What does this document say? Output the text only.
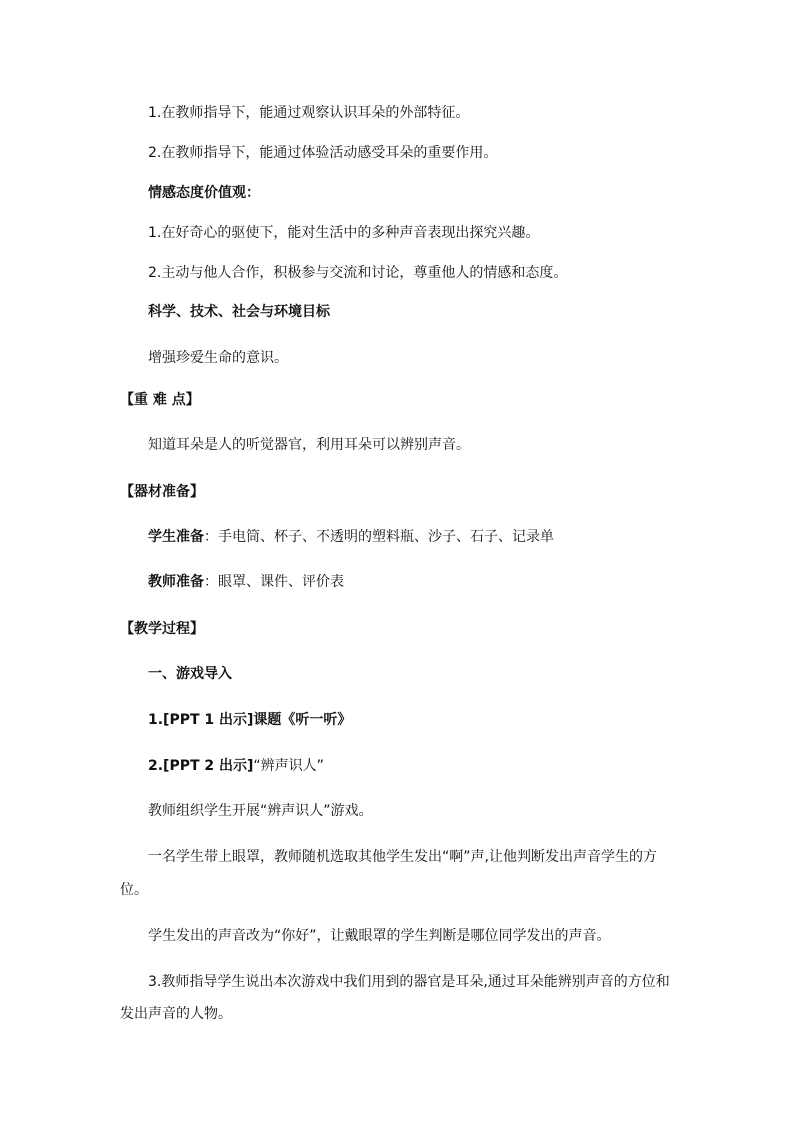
1.在教师指导下，能通过观察认识耳朵的外部特征。
2.在教师指导下，能通过体验活动感受耳朵的重要作用。
情感态度价值观：
1.在好奇心的驱使下，能对生活中的多种声音表现出探究兴趣。
2.主动与他人合作，积极参与交流和讨论，尊重他人的情感和态度。
科学、技术、社会与环境目标
增强珍爱生命的意识。
【重 难 点】
知道耳朵是人的听觉器官，利用耳朵可以辨别声音。
【器材准备】
学生准备：手电筒、杯子、不透明的塑料瓶、沙子、石子、记录单
教师准备：眼罩、课件、评价表
【教学过程】
一、游戏导入
1.[PPT 1 出示]课题《听一听》
2.[PPT 2 出示]“辨声识人”
教师组织学生开展“辨声识人”游戏。
一名学生带上眼罩，教师随机选取其他学生发出“啊”声,让他判断发出声音学生的方
位。
学生发出的声音改为“你好”，让戴眼罩的学生判断是哪位同学发出的声音。
3.教师指导学生说出本次游戏中我们用到的器官是耳朵,通过耳朵能辨别声音的方位和
发出声音的人物。
